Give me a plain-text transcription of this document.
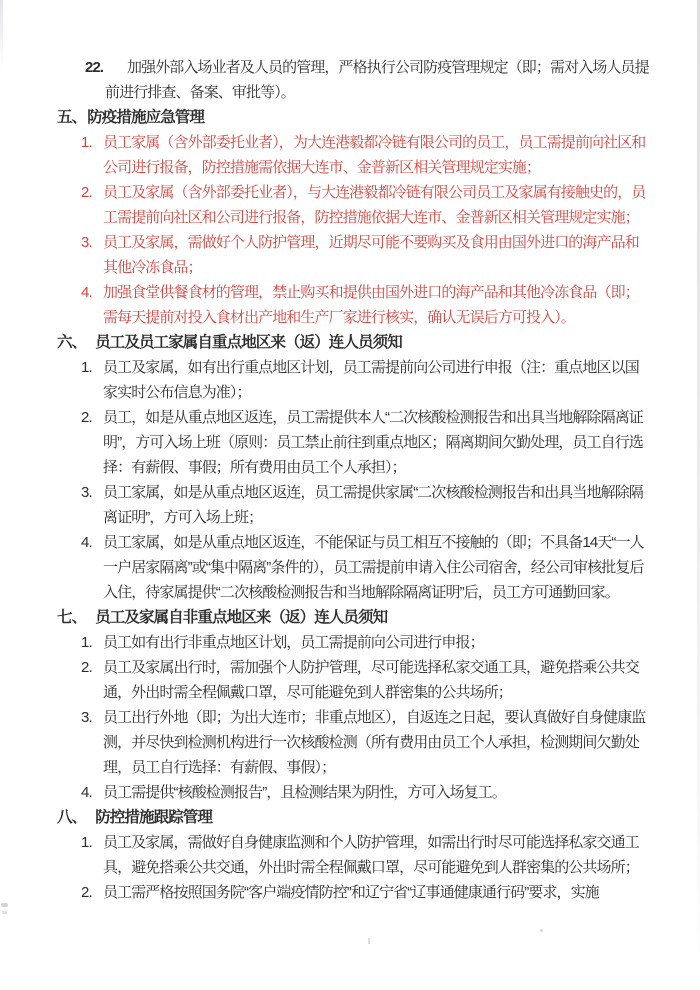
22. 加强外部入场业者及人员的管理，严格执行公司防疫管理规定（即；需对入场人员提前进行排查、备案、审批等）。
五、防疫措施应急管理
1. 员工家属（含外部委托业者），为大连港毅都冷链有限公司的员工，员工需提前向社区和公司进行报备，防控措施需依据大连市、金普新区相关管理规定实施；
2. 员工及家属（含外部委托业者），与大连港毅都冷链有限公司员工及家属有接触史的，员工需提前向社区和公司进行报备，防控措施依据大连市、金普新区相关管理规定实施；
3. 员工及家属，需做好个人防护管理，近期尽可能不要购买及食用由国外进口的海产品和其他冷冻食品；
4. 加强食堂供餐食材的管理，禁止购买和提供由国外进口的海产品和其他冷冻食品（即；需每天提前对投入食材出产地和生产厂家进行核实，确认无误后方可投入）。
六、 员工及员工家属自重点地区来（返）连人员须知
1. 员工及家属，如有出行重点地区计划，员工需提前向公司进行申报（注：重点地区以国家实时公布信息为准）；
2. 员工，如是从重点地区返连，员工需提供本人“二次核酸检测报告和出具当地解除隔离证明”，方可入场上班（原则：员工禁止前往到重点地区；隔离期间欠勤处理，员工自行选择：有薪假、事假；所有费用由员工个人承担）；
3. 员工家属，如是从重点地区返连，员工需提供家属“二次核酸检测报告和出具当地解除隔离证明”，方可入场上班；
4. 员工家属，如是从重点地区返连，不能保证与员工相互不接触的（即；不具备14天“一人一户居家隔离”或“集中隔离”条件的），员工需提前申请入住公司宿舍，经公司审核批复后入住，待家属提供“二次核酸检测报告和当地解除隔离证明”后，员工方可通勤回家。
七、 员工及家属自非重点地区来（返）连人员须知
1. 员工如有出行非重点地区计划，员工需提前向公司进行申报；
2. 员工及家属出行时，需加强个人防护管理，尽可能选择私家交通工具，避免搭乘公共交通，外出时需全程佩戴口罩，尽可能避免到人群密集的公共场所；
3. 员工出行外地（即；为出大连市；非重点地区），自返连之日起，要认真做好自身健康监测，并尽快到检测机构进行一次核酸检测（所有费用由员工个人承担，检测期间欠勤处理，员工自行选择：有薪假、事假）；
4. 员工需提供“核酸检测报告”，且检测结果为阴性，方可入场复工。
八、 防控措施跟踪管理
1. 员工及家属，需做好自身健康监测和个人防护管理，如需出行时尽可能选择私家交通工具，避免搭乘公共交通，外出时需全程佩戴口罩，尽可能避免到人群密集的公共场所；
2. 员工需严格按照国务院“客户端疫情防控”和辽宁省“辽事通健康通行码”要求，实施
